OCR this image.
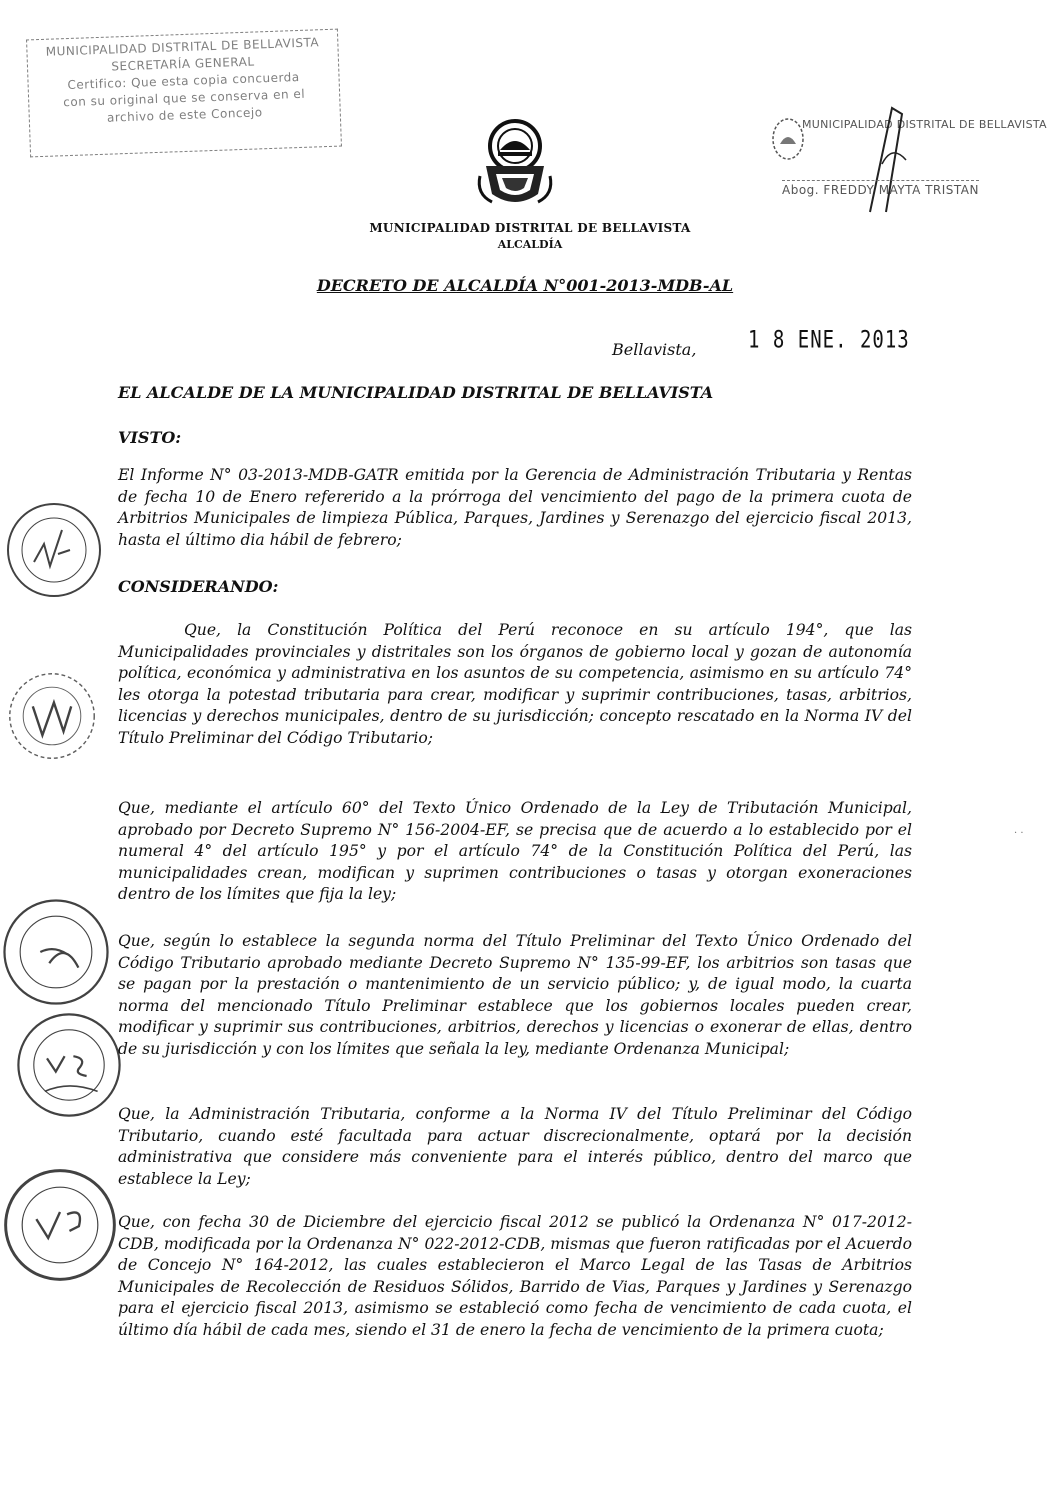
MUNICIPALIDAD DISTRITAL DE BELLAVISTA
SECRETARÍA GENERAL
Certifico: Que esta copia concuerda
con su original que se conserva en el
archivo de este Concejo
MUNICIPALIDAD DISTRITAL DE BELLAVISTA
ALCALDÍA
MUNICIPALIDAD DISTRITAL DE BELLAVISTA
Abog. FREDDY MAYTA TRISTAN
DECRETO DE ALCALDÍA N°001-2013-MDB-AL
Bellavista,	1 8 ENE. 2013
EL ALCALDE DE LA MUNICIPALIDAD DISTRITAL DE BELLAVISTA
VISTO:

El Informe N° 03-2013-MDB-GATR emitida por la Gerencia de Administración Tributaria y Rentas de fecha 10 de Enero refererido a la prórroga del vencimiento del pago de la primera cuota de Arbitrios Municipales de limpieza Pública, Parques, Jardines y Serenazgo del ejercicio fiscal 2013, hasta el último dia hábil de febrero;

CONSIDERANDO:

Que, la Constitución Política del Perú reconoce en su artículo 194°, que las Municipalidades provinciales y distritales son los órganos de gobierno local y gozan de autonomía política, económica y administrativa en los asuntos de su competencia, asimismo en su artículo 74° les otorga la potestad tributaria para crear, modificar y suprimir contribuciones, tasas, arbitrios, licencias y derechos municipales, dentro de su jurisdicción; concepto rescatado en la Norma IV del Título Preliminar del Código Tributario;

Que, mediante el artículo 60° del Texto Único Ordenado de la Ley de Tributación Municipal, aprobado por Decreto Supremo N° 156-2004-EF, se precisa que de acuerdo a lo establecido por el numeral 4° del artículo 195° y por el artículo 74° de la Constitución Política del Perú, las municipalidades crean, modifican y suprimen contribuciones o tasas y otorgan exoneraciones dentro de los límites que fija la ley;

Que, según lo establece la segunda norma del Título Preliminar del Texto Único Ordenado del Código Tributario aprobado mediante Decreto Supremo N° 135-99-EF, los arbitrios son tasas que se pagan por la prestación o mantenimiento de un servicio público; y, de igual modo, la cuarta norma del mencionado Título Preliminar establece que los gobiernos locales pueden crear, modificar y suprimir sus contribuciones, arbitrios, derechos y licencias o exonerar de ellas, dentro de su jurisdicción y con los límites que señala la ley, mediante Ordenanza Municipal;

Que, la Administración Tributaria, conforme a la Norma IV del Título Preliminar del Código Tributario, cuando esté facultada para actuar discrecionalmente, optará por la decisión administrativa que considere más conveniente para el interés público, dentro del marco que establece la Ley;

Que, con fecha 30 de Diciembre del ejercicio fiscal 2012 se publicó la Ordenanza N° 017-2012-CDB, modificada por la Ordenanza N° 022-2012-CDB, mismas que fueron ratificadas por el Acuerdo de Concejo N° 164-2012, las cuales establecieron el Marco Legal de las Tasas de Arbitrios Municipales de Recolección de Residuos Sólidos, Barrido de Vias, Parques y Jardines y Serenazgo para el ejercicio fiscal 2013, asimismo se estableció como fecha de vencimiento de cada cuota, el último día hábil de cada mes, siendo el 31 de enero la fecha de vencimiento de la primera cuota;

· ·
